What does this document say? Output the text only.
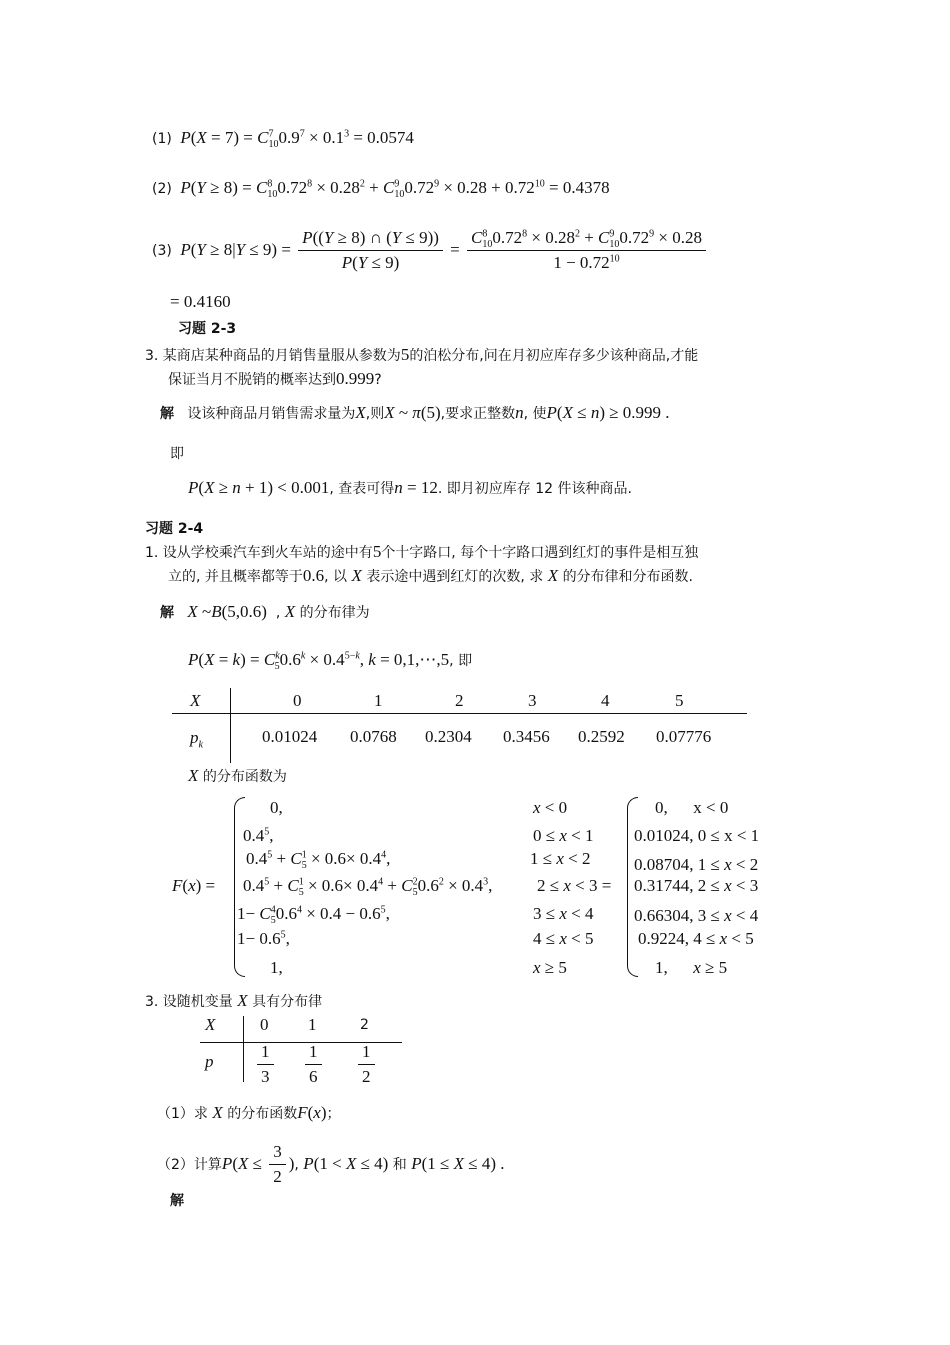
(1) $P(X = 7) = C^7_{10}0.9^7 \times 0.1^3 = 0.0574$
(2) $P(Y \ge 8) = C^8_{10}0.72^8 \times 0.28^2 + C^9_{10}0.72^9 \times 0.28 + 0.72^{10} = 0.4378$
(3) $P(Y \ge 8|Y \le 9) = \frac{P((Y \ge 8) \cap (Y \le 9))}{P(Y \le 9)} = \frac{C^8_{10}0.72^8 \times 0.28^2 + C^9_{10}0.72^9 \times 0.28}{1 - 0.72^{10}}$
= 0.4160
习题 2-3
3. 某商店某种商品的月销售量服从参数为5的泊松分布,问在月初应库存多少该种商品,才能
保证当月不脱销的概率达到0.999?
解 设该种商品月销售需求量为X,则X ~ π(5),要求正整数n, 使P(X ≤ n) ≥ 0.999 .
即
P(X ≥ n + 1) < 0.001, 查表可得n = 12. 即月初应库存 12 件该种商品.
习题 2-4
1. 设从学校乘汽车到火车站的途中有5个十字路口, 每个十字路口遇到红灯的事件是相互独
立的, 并且概率都等于0.6, 以 X 表示途中遇到红灯的次数, 求 X 的分布律和分布函数.
解 X ~B(5,0.6)  , X 的分布律为
$P(X = k) = C^k_50.6^k \times 0.4^{5-k}$, k = 0,1,⋯,5, 即
X	0	1	2	3	4	5
$p_k$	0.01024 0.0768 0.2304 0.3456 0.2592 0.07776
X 的分布函数为
F(x) =
0,
$0.4^5$,
$0.4^5 + C^1_5 \times 0.6\times 0.4^4$,
$0.4^5 + C^1_5 \times 0.6\times 0.4^4 + C^2_50.6^2 \times 0.4^3$,
$1- C^4_50.6^4 \times 0.4 - 0.6^5$,
$1- 0.6^5$,
1,
x < 0
0 ≤ x < 1
1 ≤ x < 2
2 ≤ x < 3 =
3 ≤ x < 4
4 ≤ x < 5
x ≥ 5
0, x < 0
0.01024, 0 ≤ x < 1
0.08704, 1 ≤ x < 2
0.31744, 2 ≤ x < 3
0.66304, 3 ≤ x < 4
0.9224, 4 ≤ x < 5
1, x ≥ 5
3. 设随机变量 X 具有分布律
X	0 1	2
p	$\frac{1}{3} \frac{1}{6} \frac{1}{2}$
（1）求 X 的分布函数F(x)；
（2）计算$P(X \le \frac{3}{2}$ ), P(1 < X ≤ 4) 和 P(1 ≤ X ≤ 4) .
解
